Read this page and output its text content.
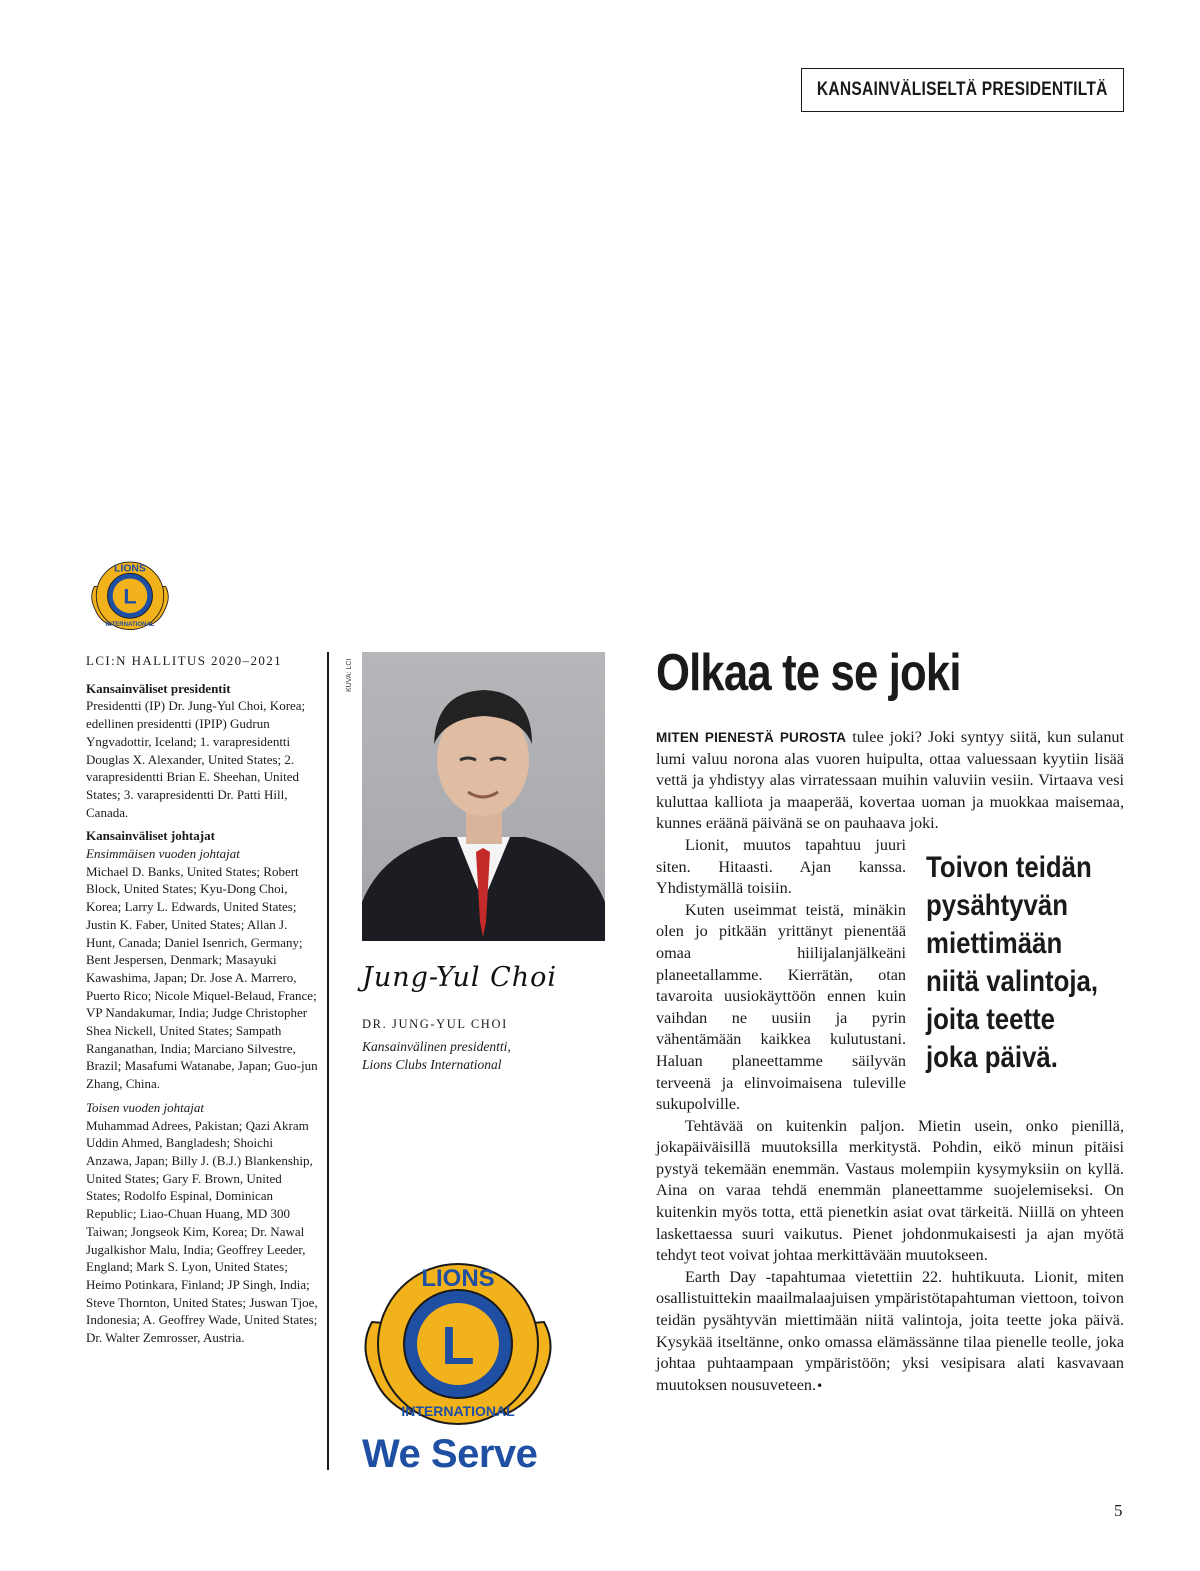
KANSAINVÄLISELTÄ PRESIDENTILTÄ
L
LIONS
INTERNATIONAL
LCI:N HALLITUS 2020–2021

Kansainväliset presidentit
Presidentti (IP) Dr. Jung-Yul Choi, Korea; edellinen presidentti (IPIP) Gudrun Yngvadottir, Iceland; 1. varapresidentti Douglas X. Alexander, United States; 2. varapresidentti Brian E. Sheehan, United States; 3. varapresidentti Dr. Patti Hill, Canada.

Kansainväliset johtajat
Ensimmäisen vuoden johtajat
Michael D. Banks, United States; Robert Block, United States; Kyu-Dong Choi, Korea; Larry L. Edwards, United States; Justin K. Faber, United States; Allan J. Hunt, Canada; Daniel Isenrich, Germany; Bent Jespersen, Denmark; Masayuki Kawashima, Japan; Dr. Jose A. Marrero, Puerto Rico; Nicole Miquel-Belaud, France; VP Nandakumar, India; Judge Christopher Shea Nickell, United States; Sampath Ranganathan, India; Marciano Silvestre, Brazil; Masafumi Watanabe, Japan; Guo-jun Zhang, China.

Toisen vuoden johtajat
Muhammad Adrees, Pakistan; Qazi Akram Uddin Ahmed, Bangladesh; Shoichi Anzawa, Japan; Billy J. (B.J.) Blankenship, United States; Gary F. Brown, United States; Rodolfo Espinal, Dominican Republic; Liao-Chuan Huang, MD 300 Taiwan; Jongseok Kim, Korea; Dr. Nawal Jugalkishor Malu, India; Geoffrey Leeder, England; Mark S. Lyon, United States; Heimo Potinkara, Finland; JP Singh, India; Steve Thornton, United States; Juswan Tjoe, Indonesia; A. Geoffrey Wade, United States; Dr. Walter Zemrosser, Austria.

KUVA: LCI
Jung-Yul Choi
DR. JUNG-YUL CHOI
Kansainvälinen presidentti,
Lions Clubs International
L
LIONS
INTERNATIONAL
We Serve
Olkaa te se joki

MITEN PIENESTÄ PUROSTA tulee joki? Joki syntyy siitä, kun sulanut lumi valuu norona alas vuoren huipulta, ottaa valuessaan kyytiin lisää vettä ja yhdistyy alas virratessaan muihin valuviin vesiin. Virtaava vesi kuluttaa kalliota ja maaperää, kovertaa uoman ja muokkaa maisemaa, kunnes eräänä päivänä se on pauhaava joki.

Toivon teidän
pysähtyvän
miettimään
niitä valintoja,
joita teette
joka päivä.

Lionit, muutos tapahtuu juuri siten. Hitaasti. Ajan kanssa. Yhdistymällä toisiin.

Kuten useimmat teistä, minäkin olen jo pitkään yrittänyt pienentää omaa hiilijalanjälkeäni planeetallamme. Kierrätän, otan tavaroita uusiokäyttöön ennen kuin vaihdan ne uusiin ja pyrin vähentämään kaikkea kulutustani. Haluan planeettamme säilyvän terveenä ja elinvoimaisena tuleville sukupolville.

Tehtävää on kuitenkin paljon. Mietin usein, onko pienillä, jokapäiväisillä muutoksilla merkitystä. Pohdin, eikö minun pitäisi pystyä tekemään enemmän. Vastaus molempiin kysymyksiin on kyllä. Aina on varaa tehdä enemmän planeettamme suojelemiseksi. On kuitenkin myös totta, että pienetkin asiat ovat tärkeitä. Niillä on yhteen laskettaessa suuri vaikutus. Pienet johdonmukaisesti ja ajan myötä tehdyt teot voivat johtaa merkittävään muutokseen.

Earth Day -tapahtumaa vietettiin 22. huhtikuuta. Lionit, miten osallistuittekin maailmalaajuisen ympäristötapahtuman viettoon, toivon teidän pysähtyvän miettimään niitä valintoja, joita teette joka päivä. Kysykää itseltänne, onko omassa elämässänne tilaa pienelle teolle, joka johtaa puhtaampaan ympäristöön; yksi vesipisara alati kasvavaan muutoksen nousuveteen.•

5
